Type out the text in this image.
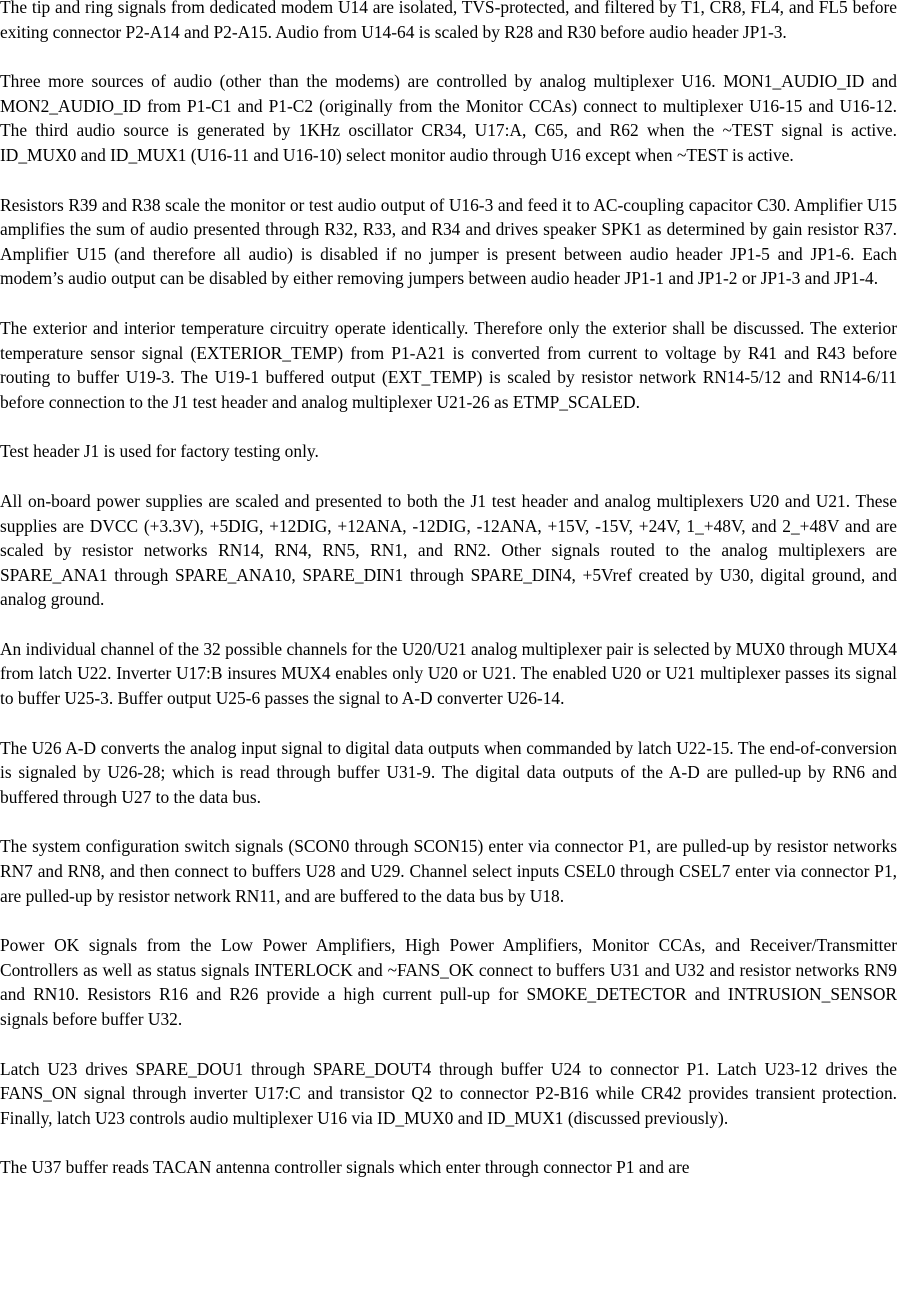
The tip and ring signals from dedicated modem U14 are isolated, TVS-protected, and filtered by T1, CR8, FL4, and FL5 before exiting connector P2-A14 and P2-A15. Audio from U14-64 is scaled by R28 and R30 before audio header JP1-3.

Three more sources of audio (other than the modems) are controlled by analog multiplexer U16. MON1_AUDIO_ID and MON2_AUDIO_ID from P1-C1 and P1-C2 (originally from the Monitor CCAs) connect to multiplexer U16-15 and U16-12. The third audio source is generated by 1KHz oscillator CR34, U17:A, C65, and R62 when the ~TEST signal is active. ID_MUX0 and ID_MUX1 (U16-11 and U16-10) select monitor audio through U16 except when ~TEST is active.

Resistors R39 and R38 scale the monitor or test audio output of U16-3 and feed it to AC-coupling capacitor C30. Amplifier U15 amplifies the sum of audio presented through R32, R33, and R34 and drives speaker SPK1 as determined by gain resistor R37. Amplifier U15 (and therefore all audio) is disabled if no jumper is present between audio header JP1-5 and JP1-6. Each modem’s audio output can be disabled by either removing jumpers between audio header JP1-1 and JP1-2 or JP1-3 and JP1-4.

The exterior and interior temperature circuitry operate identically. Therefore only the exterior shall be discussed. The exterior temperature sensor signal (EXTERIOR_TEMP) from P1-A21 is converted from current to voltage by R41 and R43 before routing to buffer U19-3. The U19-1 buffered output (EXT_TEMP) is scaled by resistor network RN14-5/12 and RN14-6/11 before connection to the J1 test header and analog multiplexer U21-26 as ETMP_SCALED.

Test header J1 is used for factory testing only.

All on-board power supplies are scaled and presented to both the J1 test header and analog multiplexers U20 and U21. These supplies are DVCC (+3.3V), +5DIG, +12DIG, +12ANA, -12DIG, -12ANA, +15V, -15V, +24V, 1_+48V, and 2_+48V and are scaled by resistor networks RN14, RN4, RN5, RN1, and RN2. Other signals routed to the analog multiplexers are SPARE_ANA1 through SPARE_ANA10, SPARE_DIN1 through SPARE_DIN4, +5Vref created by U30, digital ground, and analog ground.

An individual channel of the 32 possible channels for the U20/U21 analog multiplexer pair is selected by MUX0 through MUX4 from latch U22. Inverter U17:B insures MUX4 enables only U20 or U21. The enabled U20 or U21 multiplexer passes its signal to buffer U25-3. Buffer output U25-6 passes the signal to A-D converter U26-14.

The U26 A-D converts the analog input signal to digital data outputs when commanded by latch U22-15. The end-of-conversion is signaled by U26-28; which is read through buffer U31-9. The digital data outputs of the A-D are pulled-up by RN6 and buffered through U27 to the data bus.

The system configuration switch signals (SCON0 through SCON15) enter via connector P1, are pulled-up by resistor networks RN7 and RN8, and then connect to buffers U28 and U29. Channel select inputs CSEL0 through CSEL7 enter via connector P1, are pulled-up by resistor network RN11, and are buffered to the data bus by U18.

Power OK signals from the Low Power Amplifiers, High Power Amplifiers, Monitor CCAs, and Receiver/Transmitter Controllers as well as status signals INTERLOCK and ~FANS_OK connect to buffers U31 and U32 and resistor networks RN9 and RN10. Resistors R16 and R26 provide a high current pull-up for SMOKE_DETECTOR and INTRUSION_SENSOR signals before buffer U32.

Latch U23 drives SPARE_DOU1 through SPARE_DOUT4 through buffer U24 to connector P1. Latch U23-12 drives the FANS_ON signal through inverter U17:C and transistor Q2 to connector P2-B16 while CR42 provides transient protection. Finally, latch U23 controls audio multiplexer U16 via ID_MUX0 and ID_MUX1 (discussed previously).

The U37 buffer reads TACAN antenna controller signals which enter through connector P1 and are
